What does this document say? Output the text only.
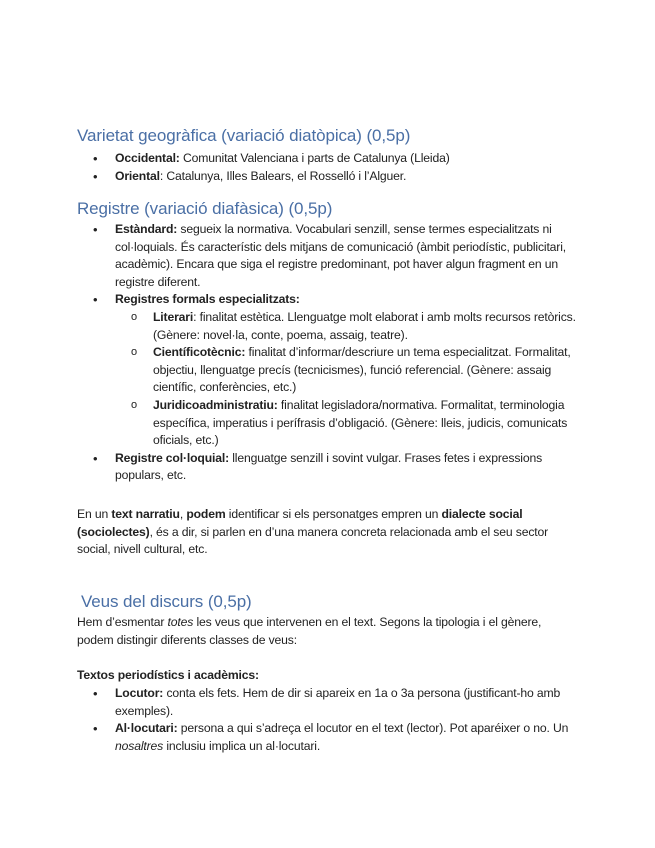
Varietat geogràfica (variació diatòpica) (0,5p)
• Occidental: Comunitat Valenciana i parts de Catalunya (Lleida)
• Oriental: Catalunya, Illes Balears, el Rosselló i l’Alguer.
Registre (variació diafàsica) (0,5p)
• Estàndard: segueix la normativa. Vocabulari senzill, sense termes especialitzats ni col·loquials. És característic dels mitjans de comunicació (àmbit periodístic, publicitari, acadèmic). Encara que siga el registre predominant, pot haver algun fragment en un registre diferent.
• Registres formals especialitzats:
o Literari: finalitat estètica. Llenguatge molt elaborat i amb molts recursos retòrics. (Gènere: novel·la, conte, poema, assaig, teatre).
o Científicotècnic: finalitat d’informar/descriure un tema especialitzat. Formalitat, objectiu, llenguatge precís (tecnicismes), funció referencial. (Gènere: assaig científic, conferències, etc.)
o Juridicoadministratiu: finalitat legisladora/normativa. Formalitat, terminologia específica, imperatius i perífrasis d’obligació. (Gènere: lleis, judicis, comunicats oficials, etc.)
• Registre col·loquial: llenguatge senzill i sovint vulgar. Frases fetes i expressions populars, etc.

En un text narratiu, podem identificar si els personatges empren un dialecte social (sociolectes), és a dir, si parlen en d’una manera concreta relacionada amb el seu sector social, nivell cultural, etc.

Veus del discurs (0,5p)

Hem d’esmentar totes les veus que intervenen en el text. Segons la tipologia i el gènere, podem distingir diferents classes de veus:

Textos periodístics i acadèmics:

• Locutor: conta els fets. Hem de dir si apareix en 1a o 3a persona (justificant-ho amb exemples).
• Al·locutari: persona a qui s’adreça el locutor en el text (lector). Pot aparéixer o no. Un nosaltres inclusiu implica un al·locutari.
